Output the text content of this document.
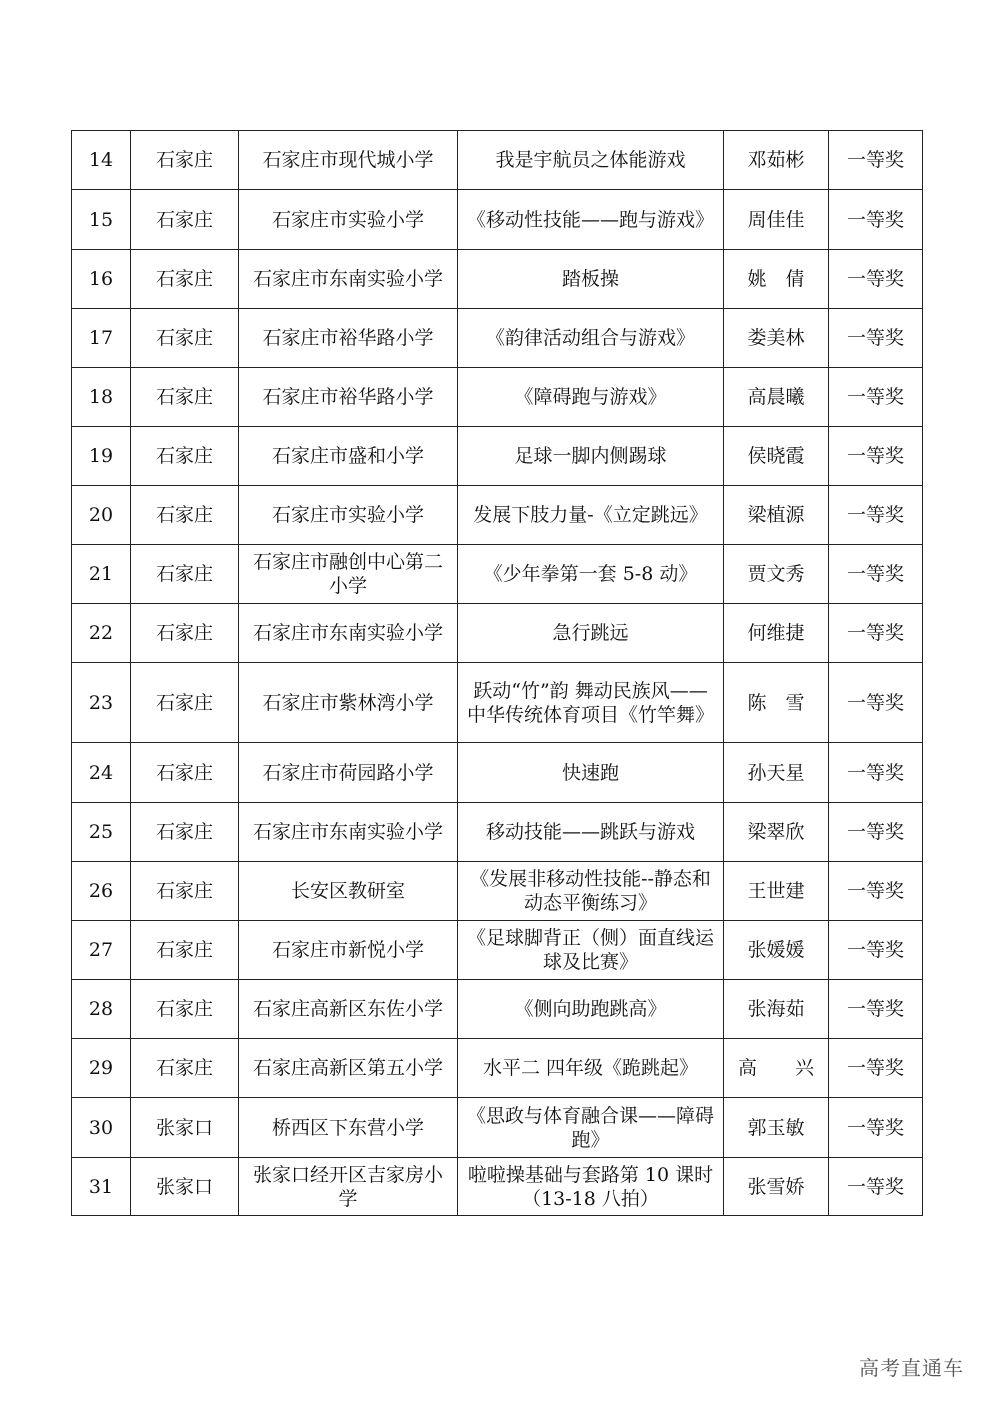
14	石家庄	石家庄市现代城小学	我是宇航员之体能游戏	邓茹彬	一等奖
15	石家庄	石家庄市实验小学	《移动性技能——跑与游戏》	周佳佳	一等奖
16	石家庄	石家庄市东南实验小学	踏板操	姚　倩	一等奖
17	石家庄	石家庄市裕华路小学	《韵律活动组合与游戏》	娄美林	一等奖
18	石家庄	石家庄市裕华路小学	《障碍跑与游戏》	高晨曦	一等奖
19	石家庄	石家庄市盛和小学	足球一脚内侧踢球	侯晓霞	一等奖
20	石家庄	石家庄市实验小学	发展下肢力量-《立定跳远》	梁植源	一等奖
21	石家庄	石家庄市融创中心第二小学	《少年拳第一套 5-8 动》	贾文秀	一等奖
22	石家庄	石家庄市东南实验小学	急行跳远	何维捷	一等奖
23	石家庄	石家庄市紫林湾小学	跃动“竹”韵 舞动民族风——中华传统体育项目《竹竿舞》	陈　雪	一等奖
24	石家庄	石家庄市荷园路小学	快速跑	孙天星	一等奖
25	石家庄	石家庄市东南实验小学	移动技能——跳跃与游戏	梁翠欣	一等奖
26	石家庄	长安区教研室	《发展非移动性技能--静态和动态平衡练习》	王世建	一等奖
27	石家庄	石家庄市新悦小学	《足球脚背正（侧）面直线运球及比赛》	张媛媛	一等奖
28	石家庄	石家庄高新区东佐小学	《侧向助跑跳高》	张海茹	一等奖
29	石家庄	石家庄高新区第五小学	水平二 四年级《跪跳起》	高　　兴	一等奖
30	张家口	桥西区下东营小学	《思政与体育融合课——障碍跑》	郭玉敏	一等奖
31	张家口	张家口经开区吉家房小学	啦啦操基础与套路第 10 课时（13-18 八拍）	张雪娇	一等奖
高考直通车
